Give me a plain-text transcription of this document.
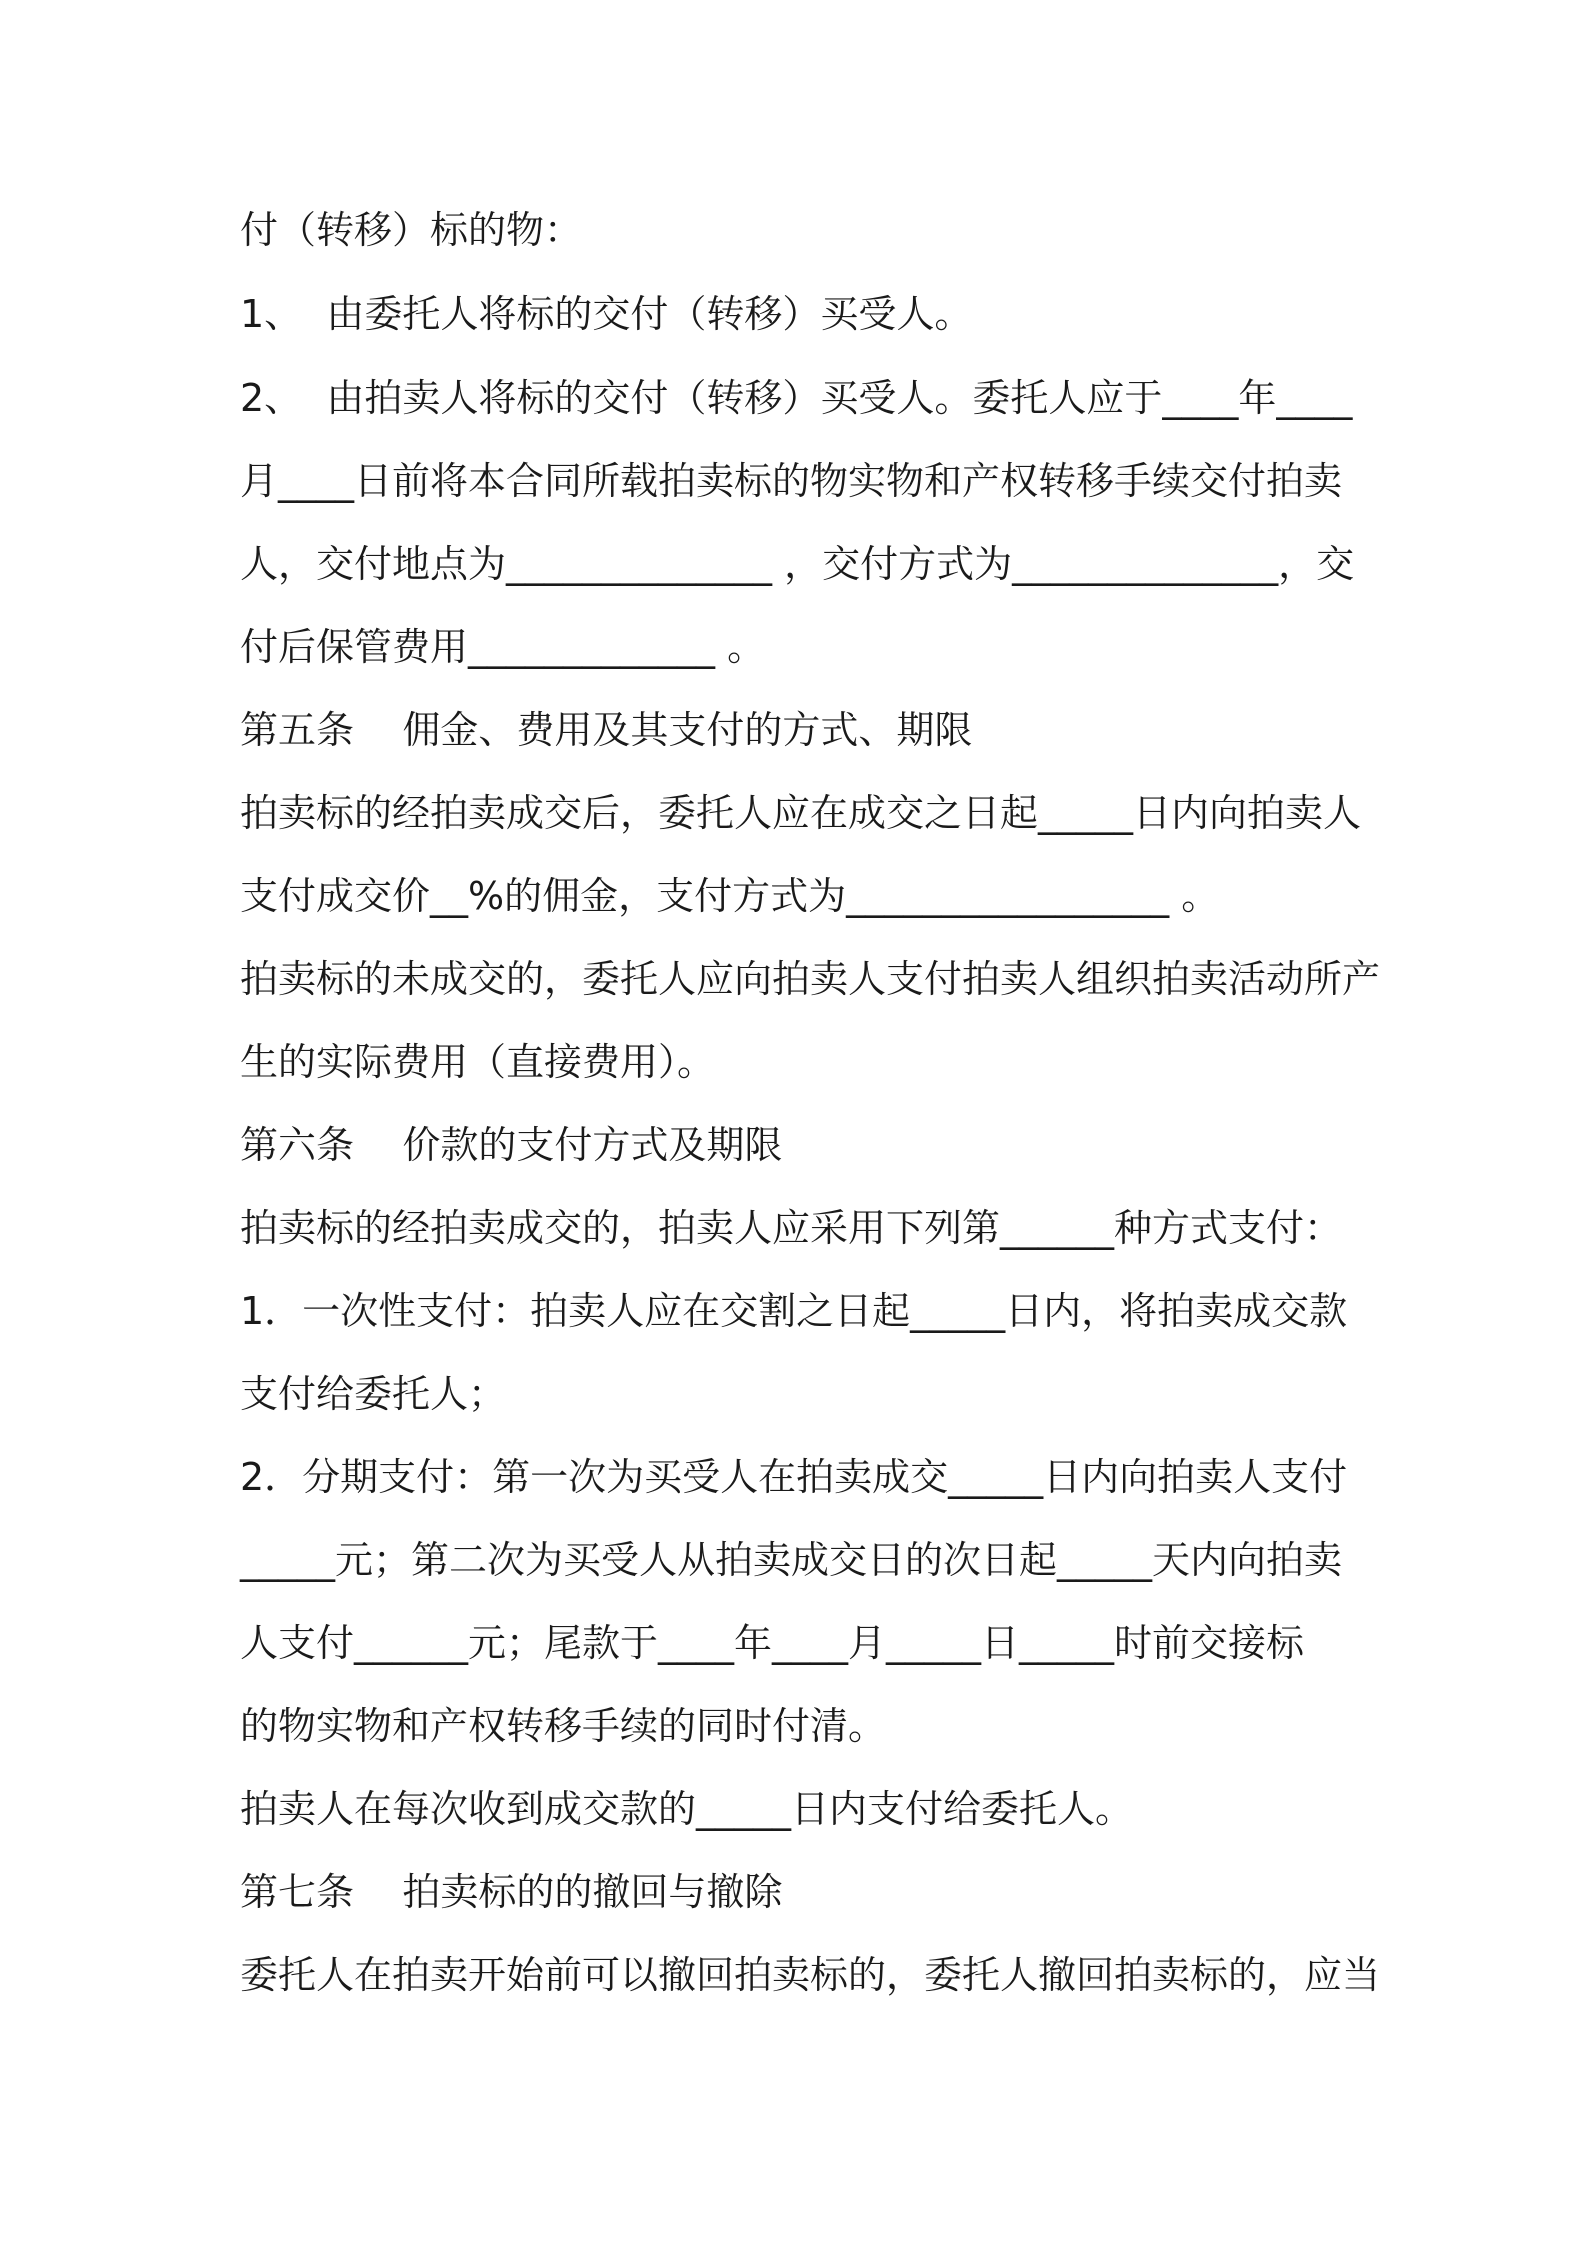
付（转移）标的物：

1、  由委托人将标的交付（转移）买受人。

2、  由拍卖人将标的交付（转移）买受人。委托人应于____年____

月____日前将本合同所载拍卖标的物实物和产权转移手续交付拍卖

人，交付地点为______________ ，交付方式为______________，交

付后保管费用_____________ 。

第五条    佣金、费用及其支付的方式、期限

拍卖标的经拍卖成交后，委托人应在成交之日起_____日内向拍卖人

支付成交价__%的佣金，支付方式为_________________ 。

拍卖标的未成交的，委托人应向拍卖人支付拍卖人组织拍卖活动所产

生的实际费用（直接费用）。

第六条    价款的支付方式及期限

拍卖标的经拍卖成交的，拍卖人应采用下列第______种方式支付：

1．一次性支付：拍卖人应在交割之日起_____日内，将拍卖成交款

支付给委托人；

2．分期支付：第一次为买受人在拍卖成交_____日内向拍卖人支付

_____元；第二次为买受人从拍卖成交日的次日起_____天内向拍卖

人支付______元；尾款于____年____月_____日_____时前交接标

的物实物和产权转移手续的同时付清。

拍卖人在每次收到成交款的_____日内支付给委托人。

第七条    拍卖标的的撤回与撤除

委托人在拍卖开始前可以撤回拍卖标的，委托人撤回拍卖标的，应当
